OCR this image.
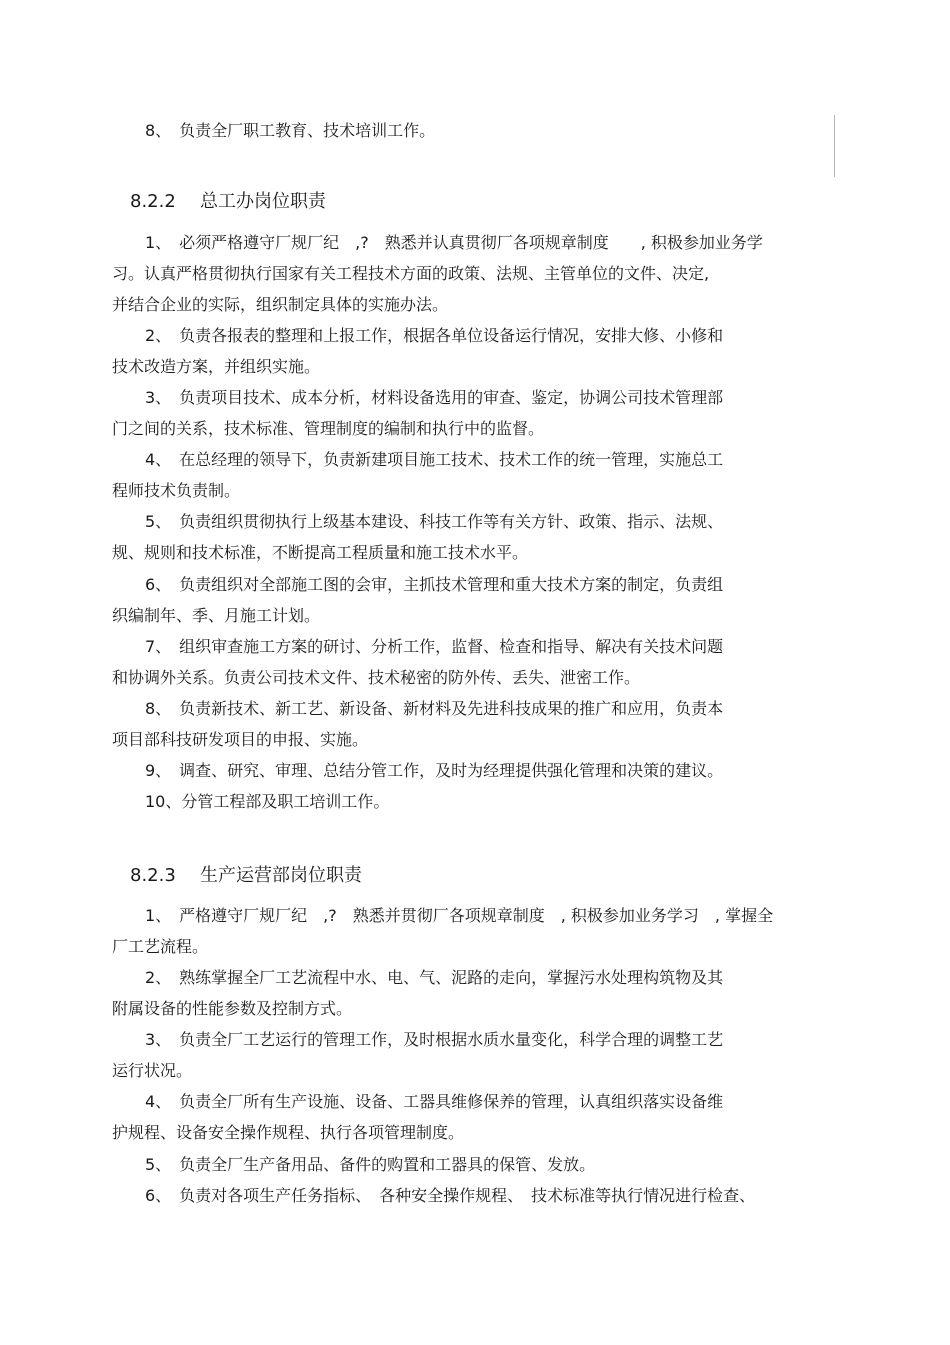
8、　负责全厂职工教育、技术培训工作。
8.2.2 总工办岗位职责
1、　必须严格遵守厂规厂纪　,?　熟悉并认真贯彻厂各项规章制度　　, 积极参加业务学
习。认真严格贯彻执行国家有关工程技术方面的政策、法规、主管单位的文件、决定,
并结合企业的实际，组织制定具体的实施办法。
2、　负责各报表的整理和上报工作，根据各单位设备运行情况，安排大修、小修和
技术改造方案，并组织实施。
3、　负责项目技术、成本分析，材料设备选用的审查、鉴定，协调公司技术管理部
门之间的关系，技术标准、管理制度的编制和执行中的监督。
4、　在总经理的领导下，负责新建项目施工技术、技术工作的统一管理，实施总工
程师技术负责制。
5、　负责组织贯彻执行上级基本建设、科技工作等有关方针、政策、指示、法规、
规、规则和技术标准，不断提高工程质量和施工技术水平。
6、　负责组织对全部施工图的会审，主抓技术管理和重大技术方案的制定，负责组
织编制年、季、月施工计划。
7、　组织审查施工方案的研讨、分析工作，监督、检查和指导、解决有关技术问题
和协调外关系。负责公司技术文件、技术秘密的防外传、丢失、泄密工作。
8、　负责新技术、新工艺、新设备、新材料及先进科技成果的推广和应用，负责本
项目部科技研发项目的申报、实施。
9、　调查、研究、审理、总结分管工作，及时为经理提供强化管理和决策的建议。
10、分管工程部及职工培训工作。
8.2.3 生产运营部岗位职责
1、　严格遵守厂规厂纪　,?　熟悉并贯彻厂各项规章制度　, 积极参加业务学习　, 掌握全
厂工艺流程。
2、　熟练掌握全厂工艺流程中水、电、气、泥路的走向，掌握污水处理构筑物及其
附属设备的性能参数及控制方式。
3、　负责全厂工艺运行的管理工作，及时根据水质水量变化，科学合理的调整工艺
运行状况。
4、　负责全厂所有生产设施、设备、工器具维修保养的管理，认真组织落实设备维
护规程、设备安全操作规程、执行各项管理制度。
5、　负责全厂生产备用品、备件的购置和工器具的保管、发放。
6、　负责对各项生产任务指标、　各种安全操作规程、　技术标准等执行情况进行检查、
